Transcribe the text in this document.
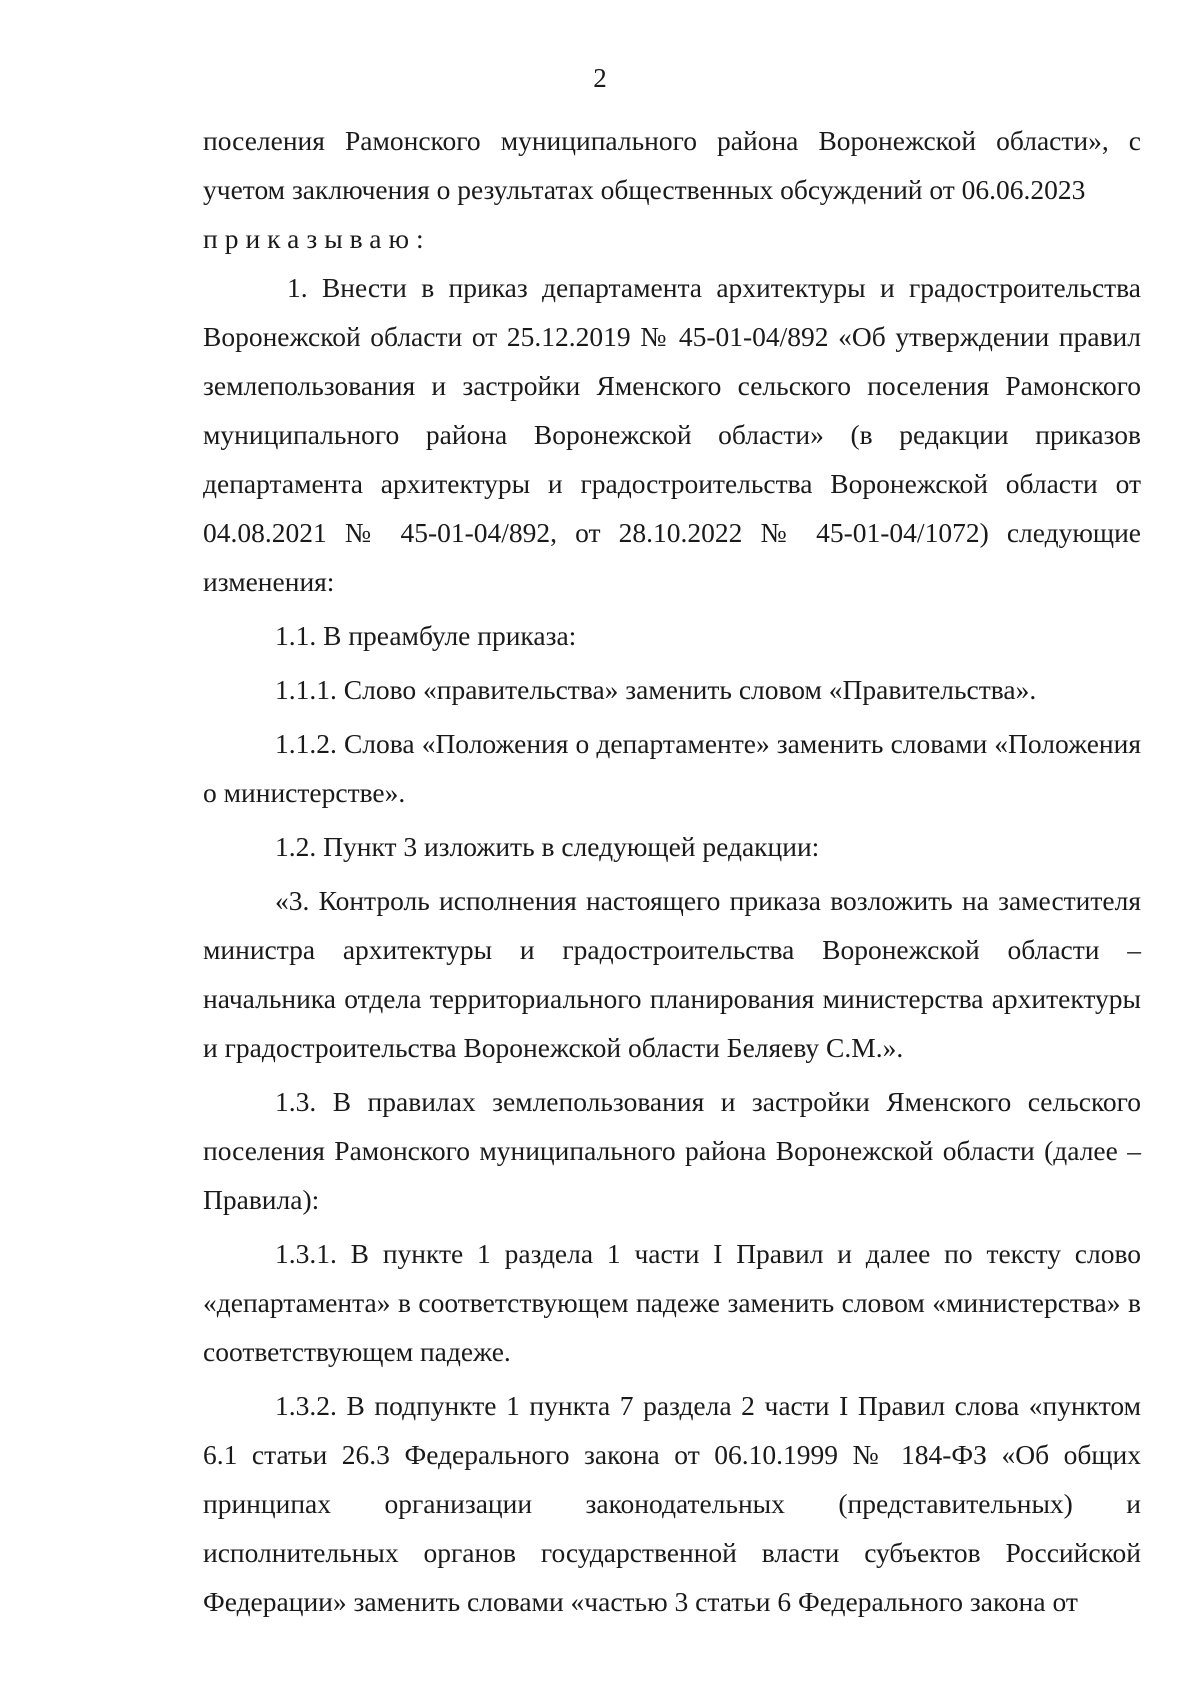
2

поселения Рамонского муниципального района Воронежской области», с учетом заключения о результатах общественных обсуждений от 06.06.2023

приказываю:

1. Внести в приказ департамента архитектуры и градостроительства Воронежской области от 25.12.2019 № 45-01-04/892 «Об утверждении правил землепользования и застройки Яменского сельского поселения Рамонского муниципального района Воронежской области» (в редакции приказов департамента архитектуры и градостроительства Воронежской области от 04.08.2021 № 45-01-04/892, от 28.10.2022 № 45-01-04/1072) следующие изменения:

1.1. В преамбуле приказа:

1.1.1. Слово «правительства» заменить словом «Правительства».

1.1.2. Слова «Положения о департаменте» заменить словами «Положения о министерстве».

1.2. Пункт 3 изложить в следующей редакции:

«3. Контроль исполнения настоящего приказа возложить на заместителя министра архитектуры и градостроительства Воронежской области – начальника отдела территориального планирования министерства архитектуры и градостроительства Воронежской области Беляеву С.М.».

1.3. В правилах землепользования и застройки Яменского сельского поселения Рамонского муниципального района Воронежской области (далее – Правила):

1.3.1. В пункте 1 раздела 1 части I Правил и далее по тексту слово «департамента» в соответствующем падеже заменить словом «министерства» в соответствующем падеже.

1.3.2. В подпункте 1 пункта 7 раздела 2 части I Правил слова «пунктом 6.1 статьи 26.3 Федерального закона от 06.10.1999 № 184-ФЗ «Об общих принципах организации законодательных (представительных) и исполнительных органов государственной власти субъектов Российской Федерации» заменить словами «частью 3 статьи 6 Федерального закона от
